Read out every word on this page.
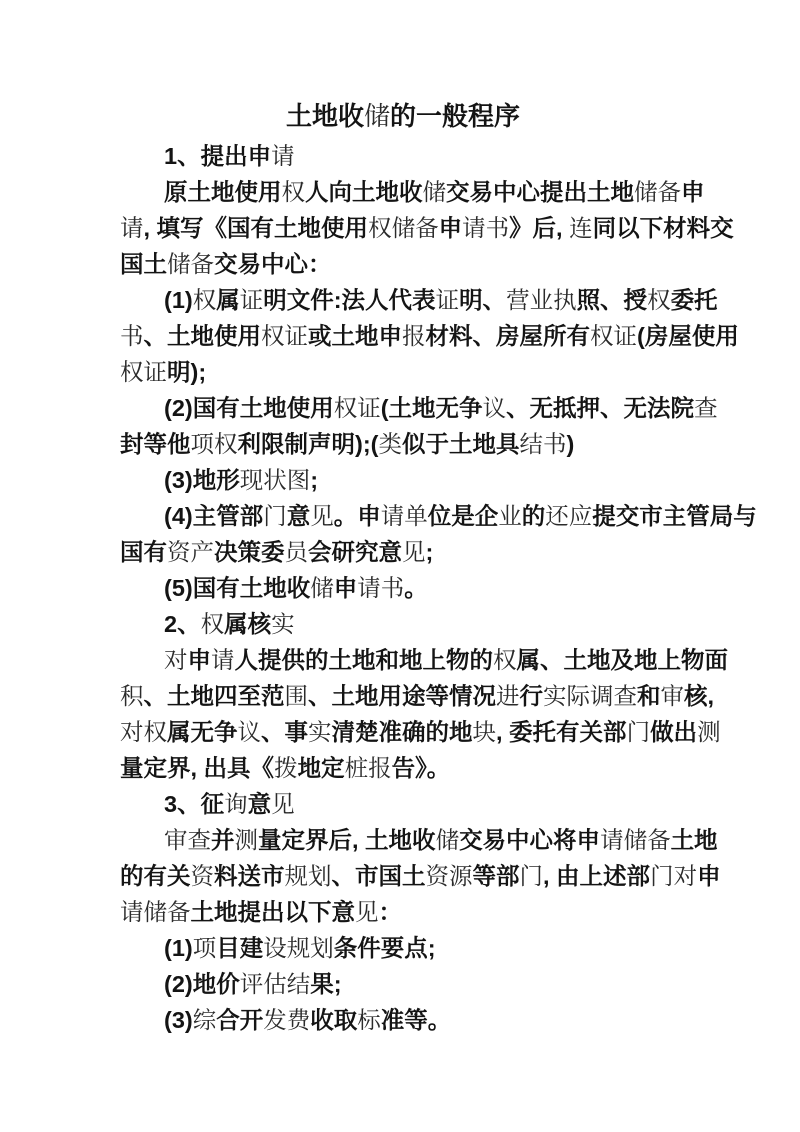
土地收储的一般程序
1、提出申请
原土地使用权人向土地收储交易中心提出土地储备申
请, 填写《国有土地使用权储备申请书》后, 连同以下材料交
国土储备交易中心：
(1)权属证明文件:法人代表证明、营业执照、授权委托
书、土地使用权证或土地申报材料、房屋所有权证(房屋使用
权证明);
(2)国有土地使用权证(土地无争议、无抵押、无法院查
封等他项权利限制声明);(类似于土地具结书)
(3)地形现状图;
(4)主管部门意见。申请单位是企业的还应提交市主管局与
国有资产决策委员会研究意见;
(5)国有土地收储申请书。
2、权属核实
对申请人提供的土地和地上物的权属、土地及地上物面
积、土地四至范围、土地用途等情况进行实际调查和审核,
对权属无争议、事实清楚准确的地块, 委托有关部门做出测
量定界, 出具《拨地定桩报告》。
3、征询意见
审查并测量定界后, 土地收储交易中心将申请储备土地
的有关资料送市规划、市国土资源等部门, 由上述部门对申
请储备土地提出以下意见：
(1)项目建设规划条件要点;
(2)地价评估结果;
(3)综合开发费收取标准等。
